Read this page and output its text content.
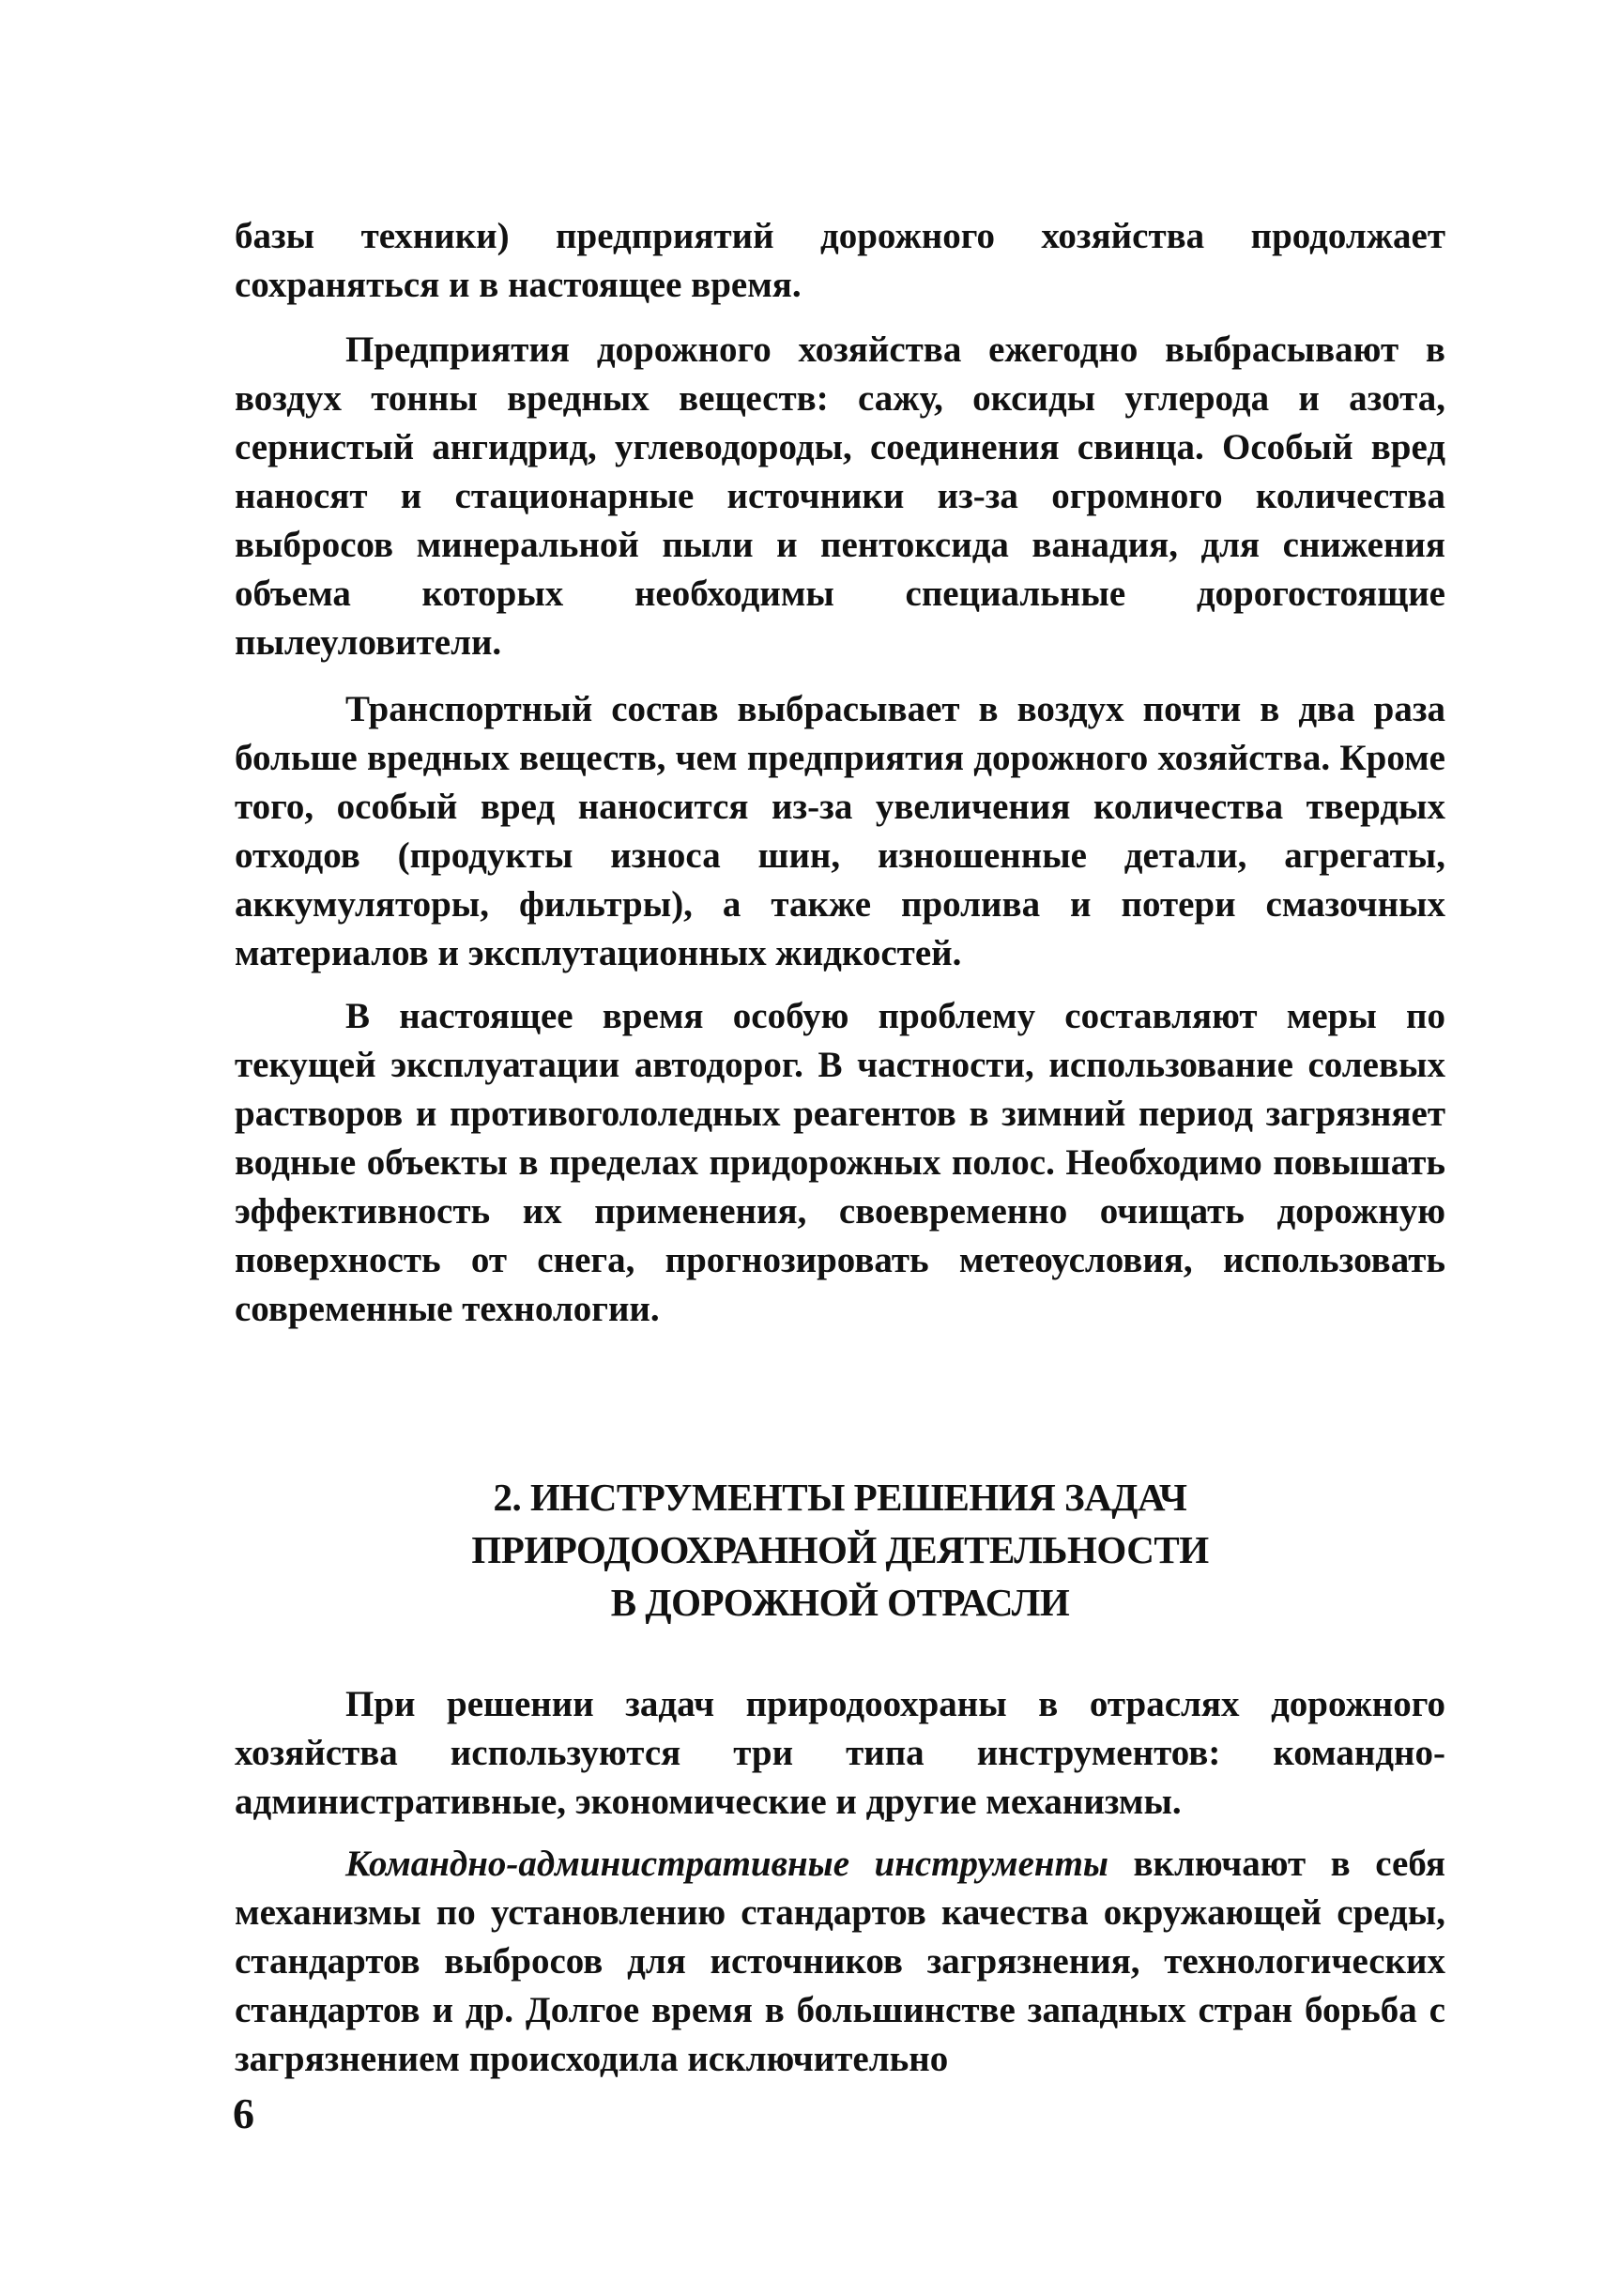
базы техники) предприятий дорожного хозяйства продолжает сохраняться и в настоящее время.

Предприятия дорожного хозяйства ежегодно выбрасывают в воздух тонны вредных веществ: сажу, оксиды углерода и азота, сернистый ангидрид, углеводороды, соединения свинца. Особый вред наносят и стационарные источники из-за огромного количества выбросов минеральной пыли и пентоксида ванадия, для снижения объема которых необходимы специальные дорогостоящие пылеуловители.

Транспортный состав выбрасывает в воздух почти в два раза больше вредных веществ, чем предприятия дорожного хозяйства. Кроме того, особый вред наносится из-за увеличения количества твердых отходов (продукты износа шин, изношенные детали, агрегаты, аккумуляторы, фильтры), а также пролива и потери смазочных материалов и эксплутационных жидкостей.

В настоящее время особую проблему составляют меры по текущей эксплуатации автодорог. В частности, использование солевых растворов и противогололедных реагентов в зимний период загрязняет водные объекты в пределах придорожных полос. Необходимо повышать эффективность их применения, своевременно очищать дорожную поверхность от снега, прогнозировать метеоусловия, использовать современные технологии.

2. ИНСТРУМЕНТЫ РЕШЕНИЯ ЗАДАЧ
ПРИРОДООХРАННОЙ ДЕЯТЕЛЬНОСТИ
В ДОРОЖНОЙ ОТРАСЛИ

При решении задач природоохраны в отраслях дорожного хозяйства используются три типа инструментов: командно-административные, экономические и другие механизмы.

Командно-административные инструменты включают в себя механизмы по установлению стандартов качества окружающей среды, стандартов выбросов для источников загрязнения, технологических стандартов и др. Долгое время в большинстве западных стран борьба с загрязнением происходила исключительно

6
